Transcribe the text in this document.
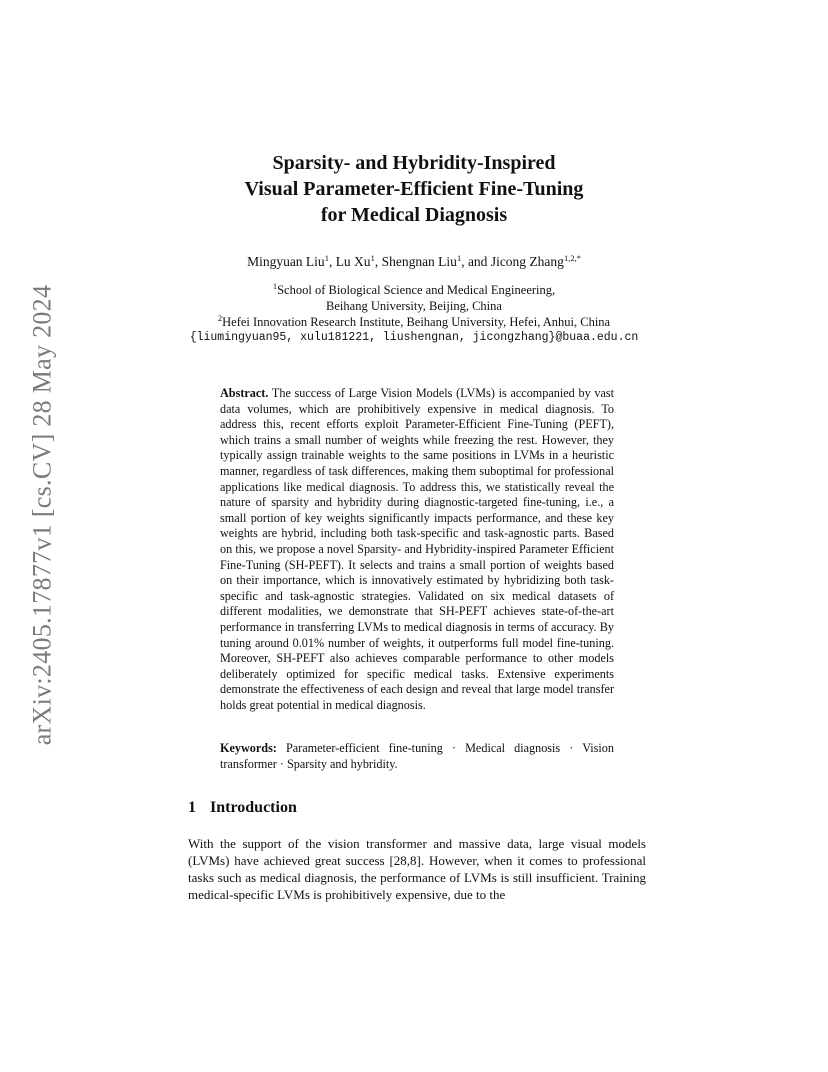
arXiv:2405.17877v1 [cs.CV] 28 May 2024
Sparsity- and Hybridity-Inspired
Visual Parameter-Efficient Fine-Tuning
for Medical Diagnosis
Mingyuan Liu$^1$, Lu Xu$^1$, Shengnan Liu$^1$, and Jicong Zhang$^{1,2,*}$
$^1$School of Biological Science and Medical Engineering,
Beihang University, Beijing, China
$^2$Hefei Innovation Research Institute, Beihang University, Hefei, Anhui, China
{liumingyuan95, xulu181221, liushengnan, jicongzhang}@buaa.edu.cn

Abstract. The success of Large Vision Models (LVMs) is accompanied by vast data volumes, which are prohibitively expensive in medical diagnosis. To address this, recent efforts exploit Parameter-Efficient Fine-Tuning (PEFT), which trains a small number of weights while freezing the rest. However, they typically assign trainable weights to the same positions in LVMs in a heuristic manner, regardless of task differences, making them suboptimal for professional applications like medical diagnosis. To address this, we statistically reveal the nature of sparsity and hybridity during diagnostic-targeted fine-tuning, i.e., a small portion of key weights significantly impacts performance, and these key weights are hybrid, including both task-specific and task-agnostic parts. Based on this, we propose a novel Sparsity- and Hybridity-inspired Parameter Efficient Fine-Tuning (SH-PEFT). It selects and trains a small portion of weights based on their importance, which is innovatively estimated by hybridizing both task-specific and task-agnostic strategies. Validated on six medical datasets of different modalities, we demonstrate that SH-PEFT achieves state-of-the-art performance in transferring LVMs to medical diagnosis in terms of accuracy. By tuning around 0.01% number of weights, it outperforms full model fine-tuning. Moreover, SH-PEFT also achieves comparable performance to other models deliberately optimized for specific medical tasks. Extensive experiments demonstrate the effectiveness of each design and reveal that large model transfer holds great potential in medical diagnosis.

Keywords: Parameter-efficient fine-tuning · Medical diagnosis · Vision transformer · Sparsity and hybridity.
1 Introduction

With the support of the vision transformer and massive data, large visual models (LVMs) have achieved great success [28,8]. However, when it comes to professional tasks such as medical diagnosis, the performance of LVMs is still insufficient. Training medical-specific LVMs is prohibitively expensive, due to the
